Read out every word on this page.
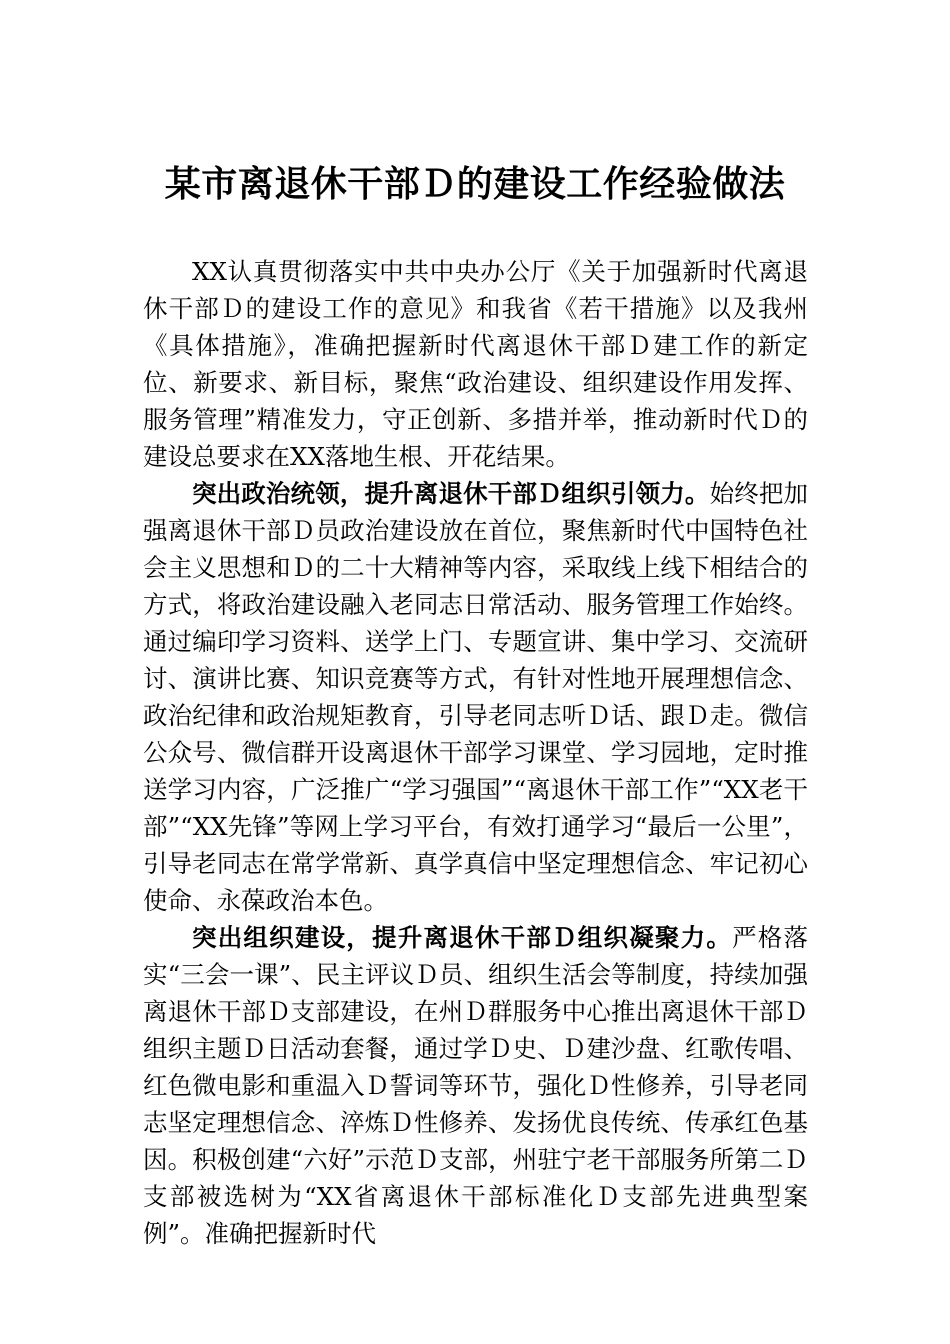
某市离退休干部Ｄ的建设工作经验做法

XX认真贯彻落实中共中央办公厅《关于加强新时代离退休干部Ｄ的建设工作的意见》和我省《若干措施》以及我州《具体措施》，准确把握新时代离退休干部Ｄ建工作的新定位、新要求、新目标，聚焦“政治建设、组织建设作用发挥、服务管理”精准发力，守正创新、多措并举，推动新时代Ｄ的建设总要求在XX落地生根、开花结果。

突出政治统领，提升离退休干部Ｄ组织引领力。始终把加强离退休干部Ｄ员政治建设放在首位，聚焦新时代中国特色社会主义思想和Ｄ的二十大精神等内容，采取线上线下相结合的方式，将政治建设融入老同志日常活动、服务管理工作始终。通过编印学习资料、送学上门、专题宣讲、集中学习、交流研讨、演讲比赛、知识竞赛等方式，有针对性地开展理想信念、政治纪律和政治规矩教育，引导老同志听Ｄ话、跟Ｄ走。微信公众号、微信群开设离退休干部学习课堂、学习园地，定时推送学习内容，广泛推广“学习强国”“离退休干部工作”“XX老干部”“XX先锋”等网上学习平台，有效打通学习“最后一公里”，引导老同志在常学常新、真学真信中坚定理想信念、牢记初心使命、永葆政治本色。

突出组织建设，提升离退休干部Ｄ组织凝聚力。严格落实“三会一课”、民主评议Ｄ员、组织生活会等制度，持续加强离退休干部Ｄ支部建设，在州Ｄ群服务中心推出离退休干部Ｄ组织主题Ｄ日活动套餐，通过学Ｄ史、Ｄ建沙盘、红歌传唱、红色微电影和重温入Ｄ誓词等环节，强化Ｄ性修养，引导老同志坚定理想信念、淬炼Ｄ性修养、发扬优良传统、传承红色基因。积极创建“六好”示范Ｄ支部，州驻宁老干部服务所第二Ｄ支部被选树为“XX省离退休干部标准化Ｄ支部先进典型案例”。准确把握新时代
